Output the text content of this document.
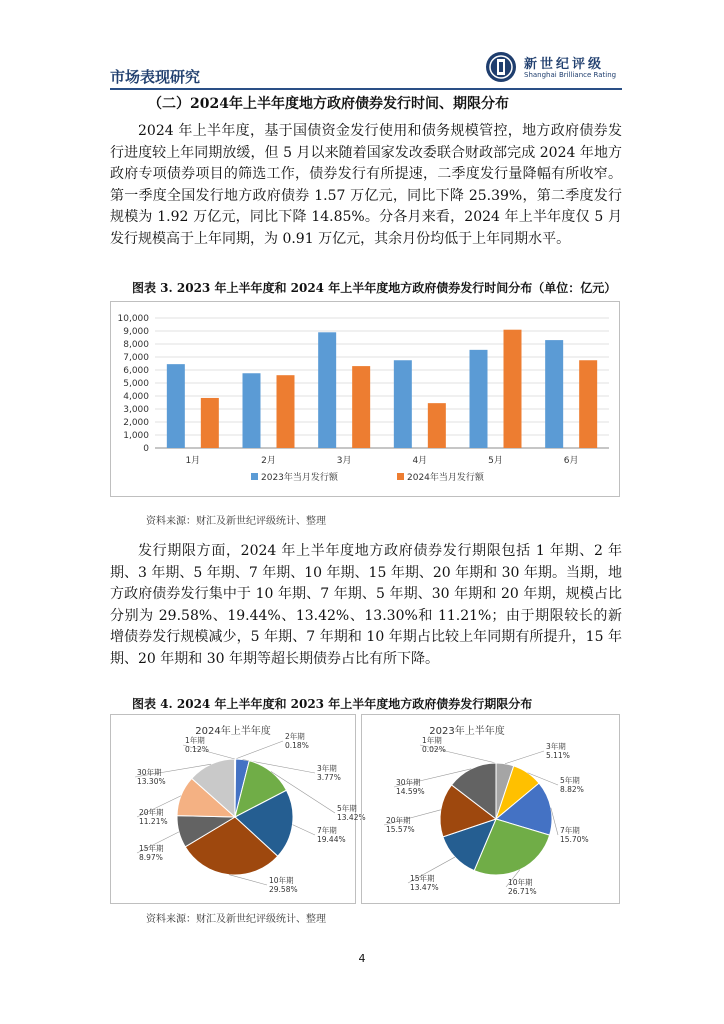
市场表现研究
新世纪评级
Shanghai Brilliance Rating
（二）2024年上半年度地方政府债券发行时间、期限分布

2024 年上半年度，基于国债资金发行使用和债务规模管控，地方政府债券发行进度较上年同期放缓，但 5 月以来随着国家发改委联合财政部完成 2024 年地方政府专项债券项目的筛选工作，债券发行有所提速，二季度发行量降幅有所收窄。第一季度全国发行地方政府债券 1.57 万亿元，同比下降 25.39%，第二季度发行规模为 1.92 万亿元，同比下降 14.85%。分各月来看，2024 年上半年度仅 5 月发行规模高于上年同期，为 0.91 万亿元，其余月份均低于上年同期水平。

图表 3. 2023 年上半年度和 2024 年上半年度地方政府债券发行时间分布（单位：亿元）
0
1,000
2,000
3,000
4,000
5,000
6,000
7,000
8,000
9,000
10,000
1月	2月	3月	4月	5月	6月
2023年当月发行额	2024年当月发行额
资料来源：财汇及新世纪评级统计、整理

发行期限方面，2024 年上半年度地方政府债券发行期限包括 1 年期、2 年期、3 年期、5 年期、7 年期、10 年期、15 年期、20 年期和 30 年期。当期，地方政府债券发行集中于 10 年期、7 年期、5 年期、30 年期和 20 年期，规模占比分别为 29.58%、19.44%、13.42%、13.30%和 11.21%；由于期限较长的新增债券发行规模减少，5 年期、7 年期和 10 年期占比较上年同期有所提升，15 年期、20 年期和 30 年期等超长期债券占比有所下降。

图表 4. 2024 年上半年度和 2023 年上半年度地方政府债券发行期限分布
2024年上半年度 2年期
0.18%
3年期
3.77%
5年期
13.42%
7年期
19.44%
10年期
29.58%
15年期
8.97%
20年期
11.21%
30年期
13.30%
1年期
0.12%
2023年上半年度
1年期
0.02%	3年期
5.11%
5年期
8.82%
7年期
15.70%
10年期
26.71%
15年期
13.47%
20年期
15.57%
30年期
14.59%
资料来源：财汇及新世纪评级统计、整理
4
